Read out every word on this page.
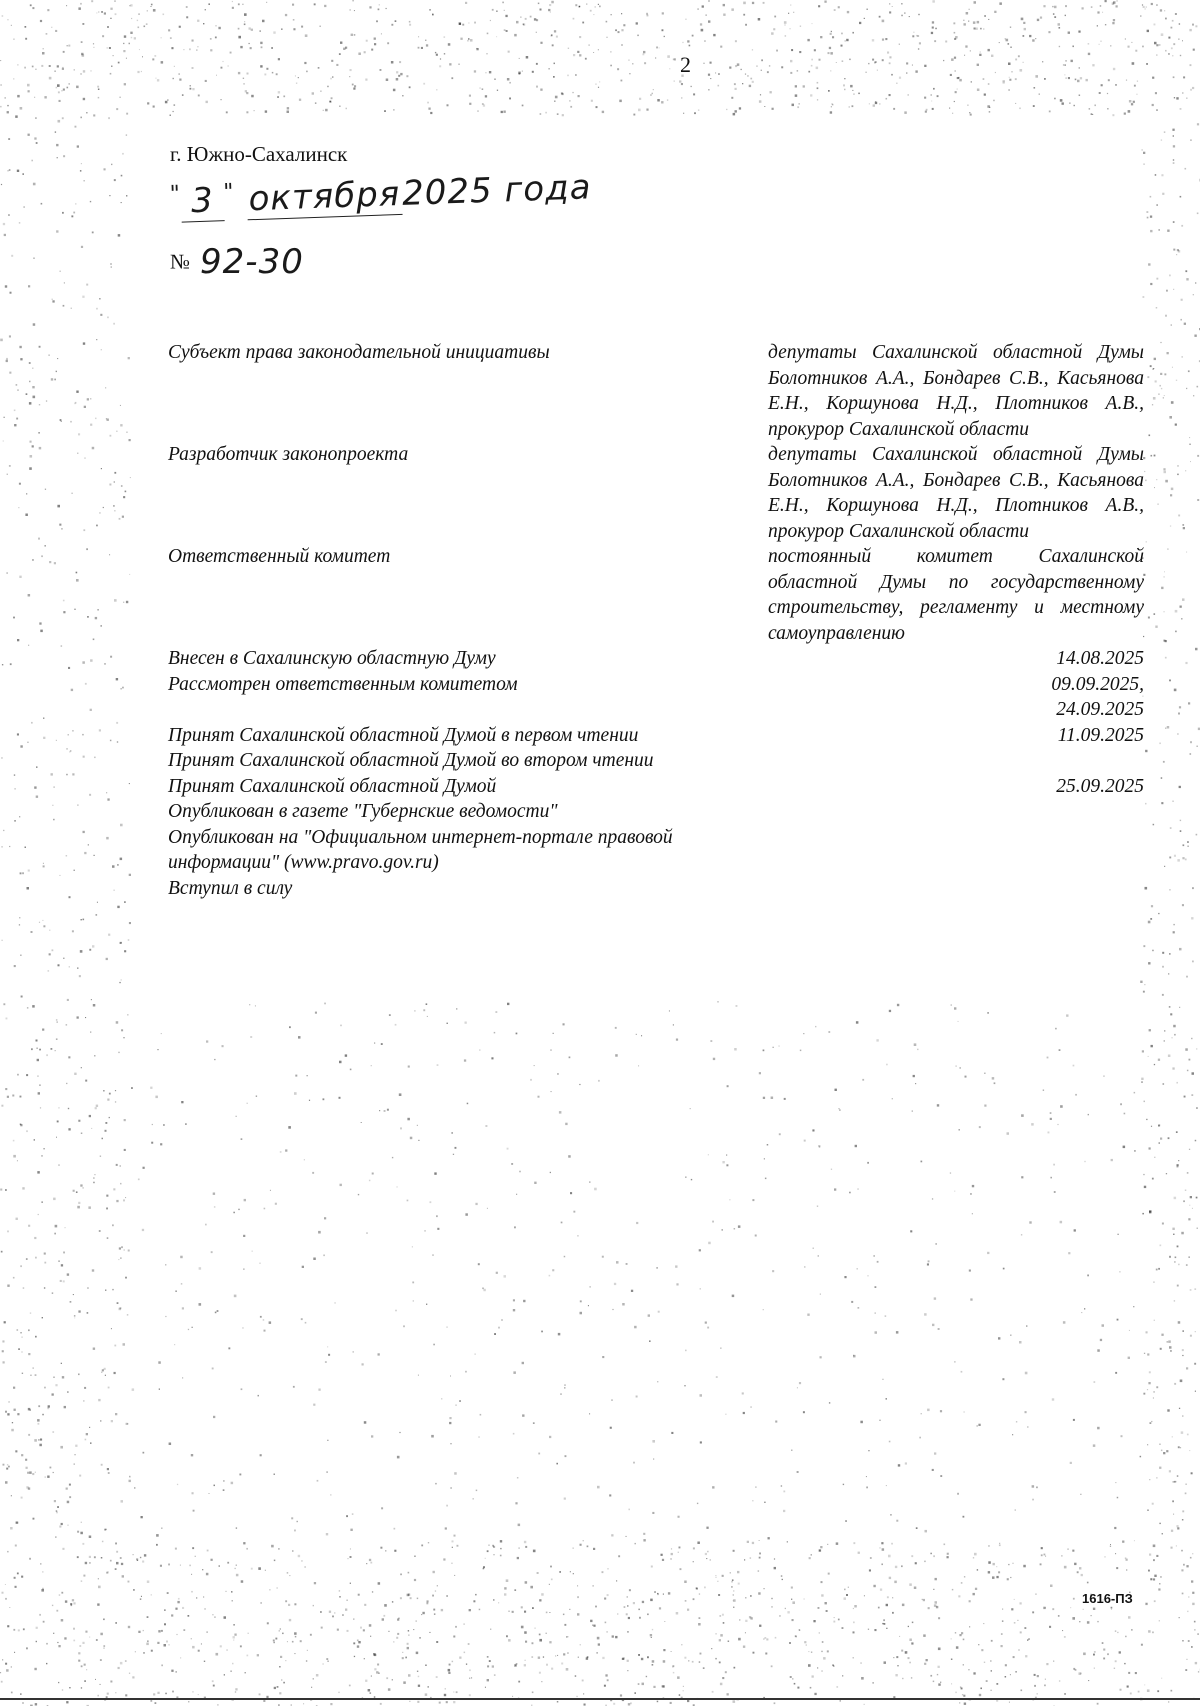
2
г. Южно-Сахалинск
" 3 " октября2025 года
№ 92-30
Субъект права законодательной инициативы	депутаты Сахалинской областной Думы Болотников А.А., Бондарев С.В., Касьянова Е.Н., Коршунова Н.Д., Плотников А.В., прокурор Сахалинской области
Разработчик законопроекта	депутаты Сахалинской областной Думы Болотников А.А., Бондарев С.В., Касьянова Е.Н., Коршунова Н.Д., Плотников А.В., прокурор Сахалинской области
Ответственный комитет	постоянный комитет Сахалинской областной Думы по государственному строительству, регламенту и местному самоуправлению
Внесен в Сахалинскую областную Думу	14.08.2025
Рассмотрен ответственным комитетом	09.09.2025,
	24.09.2025
Принят Сахалинской областной Думой в первом чтении	11.09.2025
Принят Сахалинской областной Думой во втором чтении	
Принят Сахалинской областной Думой	25.09.2025
Опубликован в газете "Губернские ведомости"	
Опубликован на "Официальном интернет-портале правовой информации" (www.pravo.gov.ru)	
Вступил в силу	
1616-ПЗ
